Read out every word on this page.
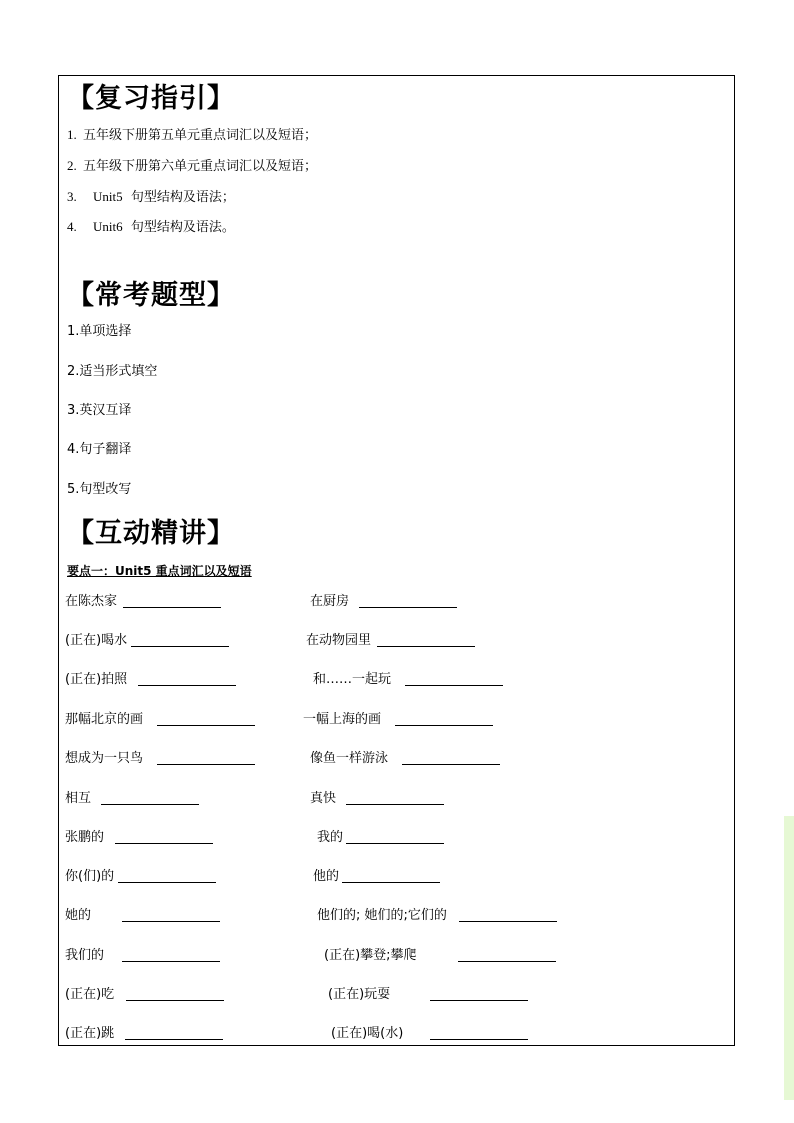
【复习指引】
1. 五年级下册第五单元重点词汇以及短语；
2. 五年级下册第六单元重点词汇以及短语；
3. Unit5 句型结构及语法；
4. Unit6 句型结构及语法。
【常考题型】
1.单项选择
2.适当形式填空
3.英汉互译
4.句子翻译
5.句型改写
【互动精讲】
要点一：Unit5 重点词汇以及短语
在陈杰家	在厨房
(正在)喝水	在动物园里
(正在)拍照	和……一起玩
那幅北京的画	一幅上海的画
想成为一只鸟	像鱼一样游泳
相互	真快
张鹏的	我的
你(们)的	他的
她的	他们的; 她们的;它们的
我们的	(正在)攀登;攀爬
(正在)吃	(正在)玩耍
(正在)跳	(正在)喝(水)
